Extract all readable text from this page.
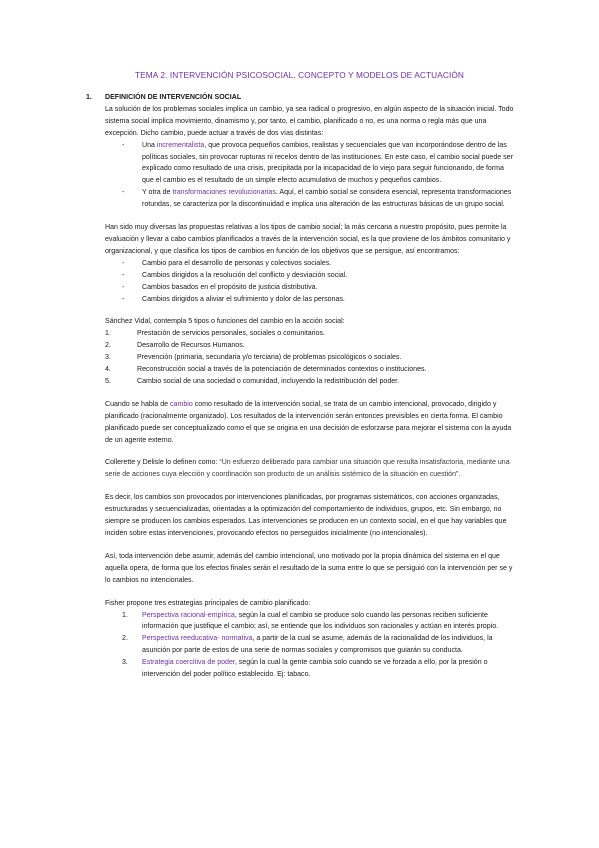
TEMA 2. INTERVENCIÓN PSICOSOCIAL. CONCEPTO Y MODELOS DE ACTUACIÓN
1. DEFINICIÓN DE INTERVENCIÓN SOCIAL

La solución de los problemas sociales implica un cambio, ya sea radical o progresivo, en algún aspecto de la situación inicial. Todo sistema social implica movimiento, dinamismo y, por tanto, el cambio, planificado o no, es una norma o regla más que una excepción. Dicho cambio, puede actuar a través de dos vías distintas:

-	Una incrementalista, que provoca pequeños cambios, realistas y secuenciales que van incorporándose dentro de las políticas sociales, sin provocar rupturas ni recelos dentro de las instituciones. En este caso, el cambio social puede ser explicado como resultado de una crisis, precipitada por la incapacidad de lo viejo para seguir funcionando, de forma que el cambio es el resultado de un simple efecto acumulativo de muchos y pequeños cambios.
-	Y otra de transformaciones revolucionarias. Aquí, el cambio social se considera esencial, representa transformaciones rotundas, se caracteriza por la discontinuidad e implica una alteración de las estructuras básicas de un grupo social.

Han sido muy diversas las propuestas relativas a los tipos de cambio social; la más cercana a nuestro propósito, pues permite la evaluación y llevar a cabo cambios planificados a través de la intervención social, es la que proviene de los ámbitos comunitario y organizacional, y que clasifica los tipos de cambios en función de los objetivos que se persigue, así encontramos:

-	Cambio para el desarrollo de personas y colectivos sociales.
-	Cambios dirigidos a la resolución del conflicto y desviación social.
-	Cambios basados en el propósito de justicia distributiva.
-	Cambios dirigidos a aliviar el sufrimiento y dolor de las personas.

Sánchez Vidal, contempla 5 tipos o funciones del cambio en la acción social:

1.	Prestación de servicios personales, sociales o comunitarios.
2.	Desarrollo de Recursos Humanos.
3.	Prevención (primaria, secundaria y/o terciaria) de problemas psicológicos o sociales.
4.	Reconstrucción social a través de la potenciación de determinados contextos o instituciones.
5.	Cambio social de una sociedad o comunidad, incluyendo la redistribución del poder.

Cuando se habla de cambio como resultado de la intervención social, se trata de un cambio intencional, provocado, dirigido y planificado (racionalmente organizado). Los resultados de la intervención serán entonces previsibles en cierta forma. El cambio planificado puede ser conceptualizado como el que se origina en una decisión de esforzarse para mejorar el sistema con la ayuda de un agente externo.

Collerette y Delisle lo definen como: “Un esfuerzo deliberado para cambiar una situación que resulta insatisfactoria, mediante una serie de acciones cuya elección y coordinación son producto de un análisis sistémico de la situación en cuestión”.

Es decir, los cambios son provocados por intervenciones planificadas, por programas sistemáticos, con acciones organizadas, estructuradas y secuencializadas, orientadas a la optimización del comportamiento de individuos, grupos, etc. Sin embargo, no siempre se producen los cambios esperados. Las intervenciones se producen en un contexto social, en el que hay variables que inciden sobre estas intervenciones, provocando efectos no perseguidos inicialmente (no intencionales).

Así, toda intervención debe asumir, además del cambio intencional, uno motivado por la propia dinámica del sistema en el que aquella opera, de forma que los efectos finales serán el resultado de la suma entre lo que se persiguió con la intervención per se y lo cambios no intencionales.

Fisher propone tres estrategias principales de cambio planificado:

1. Perspectiva racional-empírica, según la cual el cambio se produce solo cuando las personas reciben suficiente información que justifique el cambio; así, se entiende que los individuos son racionales y actúan en interés propio.
2. Perspectiva reeducativa- normativa, a partir de la cual se asume, además de la racionalidad de los individuos, la asunción por parte de estos de una serie de normas sociales y compromisos que guiarán su conducta.
3. Estrategia coercitiva de poder, según la cual la gente cambia solo cuando se ve forzada a ello, por la presión o intervención del poder político establecido. Ej: tabaco.
